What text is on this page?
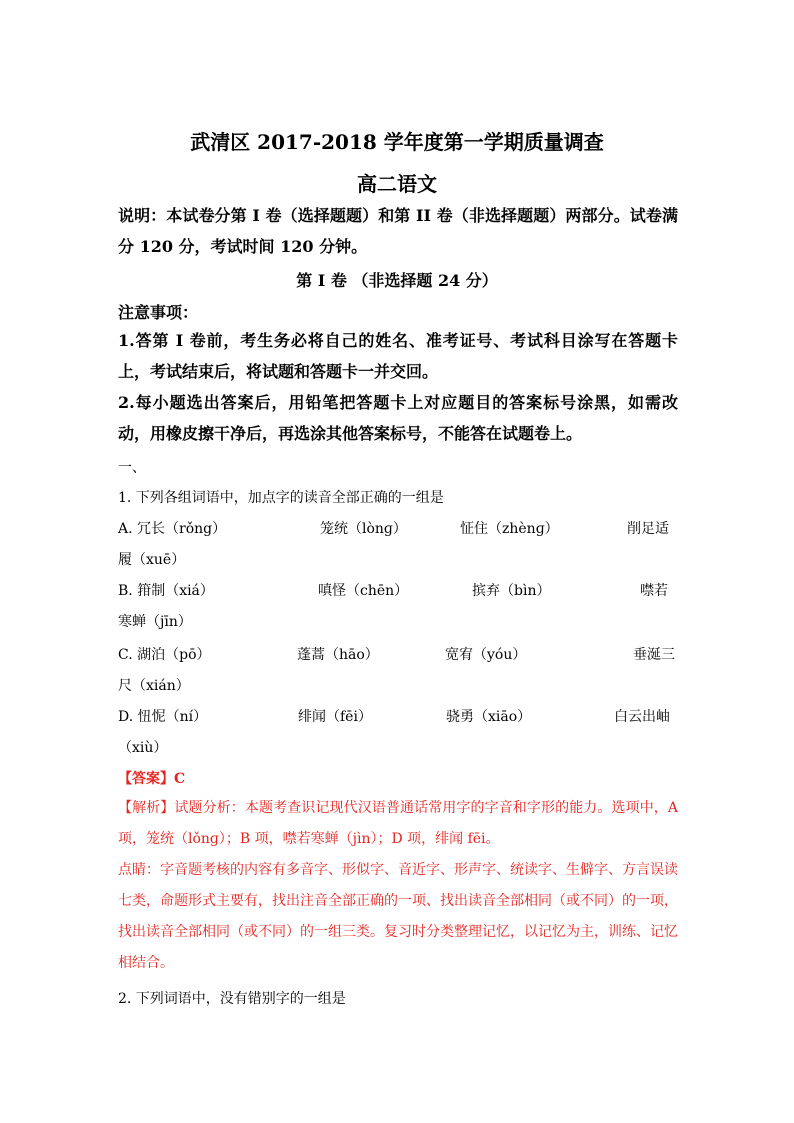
武清区 2017-2018 学年度第一学期质量调查
高二语文
说明：本试卷分第 I 卷（选择题题）和第 II 卷（非选择题题）两部分。试卷满分 120 分，考试时间 120 分钟。
第 I 卷 （非选择题 24 分）
注意事项：
1.答第 I 卷前，考生务必将自己的姓名、准考证号、考试科目涂写在答题卡上，考试结束后，将试题和答题卡一并交回。
2.每小题选出答案后，用铅笔把答题卡上对应题目的答案标号涂黑，如需改动，用橡皮擦干净后，再选涂其他答案标号，不能答在试题卷上。
一、
1. 下列各组词语中，加点字的读音全部正确的一组是
A. 冗长（rǒng）	笼统（lònɡ）	怔住（zhènɡ）	削足适
履（xuē）
B. 箝制（xiá）	嗔怪（chēn）	摈弃（bìn）	噤若
寒蝉（jīn）
C. 湖泊（pō）	蓬蒿（hāo）	宽宥（yóu）	垂涎三
尺（xián）
D. 忸怩（ní）	绯闻（fēi）	骁勇（xiāo）	白云出岫
（xiù）
【答案】C
【解析】试题分析：本题考查识记现代汉语普通话常用字的字音和字形的能力。选项中，A 项，笼统（lǒnɡ）；B 项，噤若寒蝉（jìn）；D 项，绯闻 fēi。
点睛：字音题考核的内容有多音字、形似字、音近字、形声字、统读字、生僻字、方言误读七类，命题形式主要有，找出注音全部正确的一项、找出读音全部相同（或不同）的一项，找出读音全部相同（或不同）的一组三类。复习时分类整理记忆，以记忆为主，训练、记忆相结合。
2. 下列词语中，没有错别字的一组是
